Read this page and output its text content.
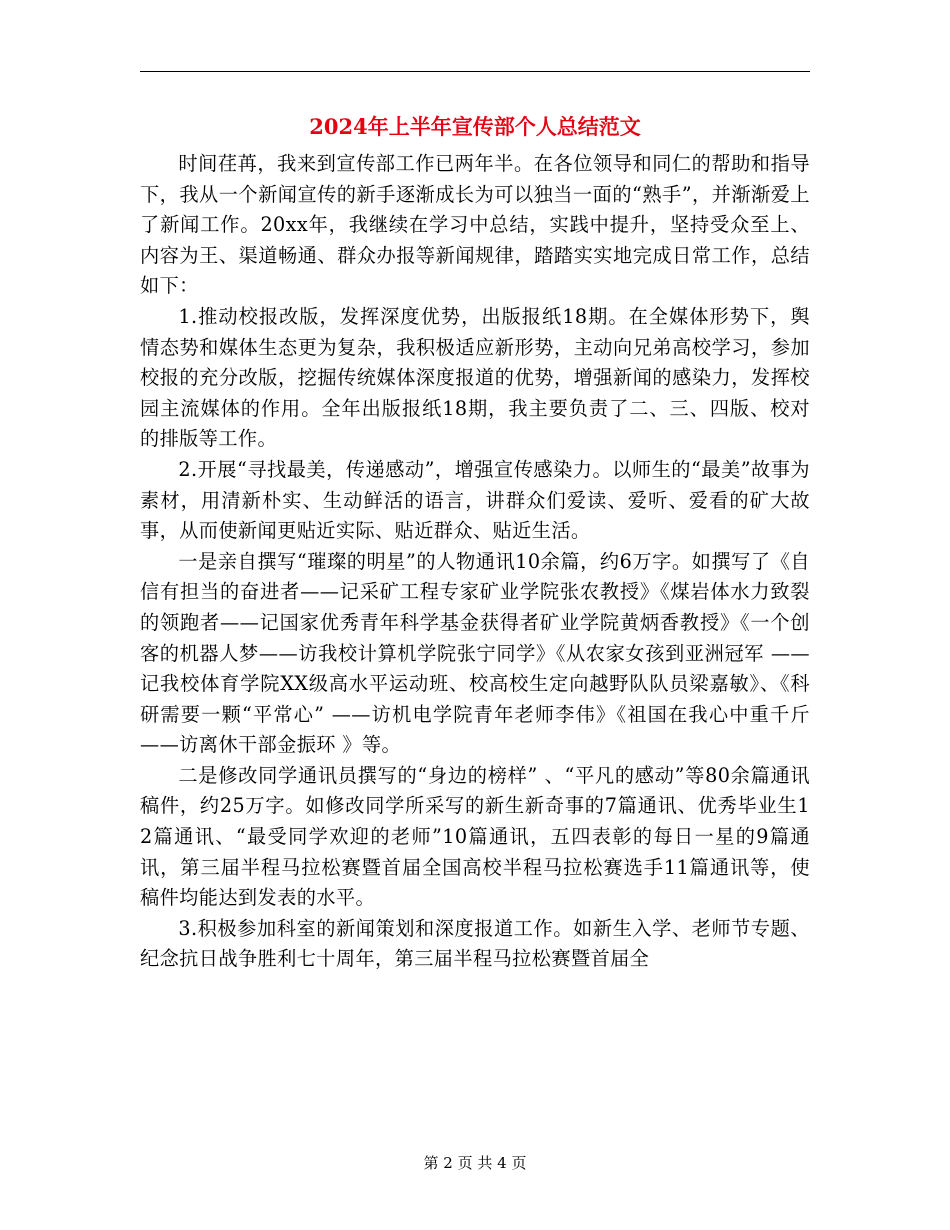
2024年上半年宣传部个人总结范文

时间荏苒，我来到宣传部工作已两年半。在各位领导和同仁的帮助和指导下，我从一个新闻宣传的新手逐渐成长为可以独当一面的“熟手”，并渐渐爱上了新闻工作。20xx年，我继续在学习中总结，实践中提升，坚持受众至上、内容为王、渠道畅通、群众办报等新闻规律，踏踏实实地完成日常工作，总结如下：

1.推动校报改版，发挥深度优势，出版报纸18期。在全媒体形势下，舆情态势和媒体生态更为复杂，我积极适应新形势，主动向兄弟高校学习，参加校报的充分改版，挖掘传统媒体深度报道的优势，增强新闻的感染力，发挥校园主流媒体的作用。全年出版报纸18期，我主要负责了二、三、四版、校对的排版等工作。

2.开展“寻找最美，传递感动”，增强宣传感染力。以师生的“最美”故事为素材，用清新朴实、生动鲜活的语言，讲群众们爱读、爱听、爱看的矿大故事，从而使新闻更贴近实际、贴近群众、贴近生活。

一是亲自撰写“璀璨的明星”的人物通讯10余篇，约6万字。如撰写了《自信有担当的奋进者——记采矿工程专家矿业学院张农教授》《煤岩体水力致裂的领跑者——记国家优秀青年科学基金获得者矿业学院黄炳香教授》《一个创客的机器人梦——访我校计算机学院张宁同学》《从农家女孩到亚洲冠军 ——记我校体育学院XX级高水平运动班、校高校生定向越野队队员梁嘉敏》、《科研需要一颗“平常心” ——访机电学院青年老师李伟》《祖国在我心中重千斤——访离休干部金振环 》等。

二是修改同学通讯员撰写的“身边的榜样” 、“平凡的感动”等80余篇通讯稿件，约25万字。如修改同学所采写的新生新奇事的7篇通讯、优秀毕业生12篇通讯、“最受同学欢迎的老师”10篇通讯，五四表彰的每日一星的9篇通讯，第三届半程马拉松赛暨首届全国高校半程马拉松赛选手11篇通讯等，使稿件均能达到发表的水平。

3.积极参加科室的新闻策划和深度报道工作。如新生入学、老师节专题、纪念抗日战争胜利七十周年，第三届半程马拉松赛暨首届全

第 2 页 共 4 页
